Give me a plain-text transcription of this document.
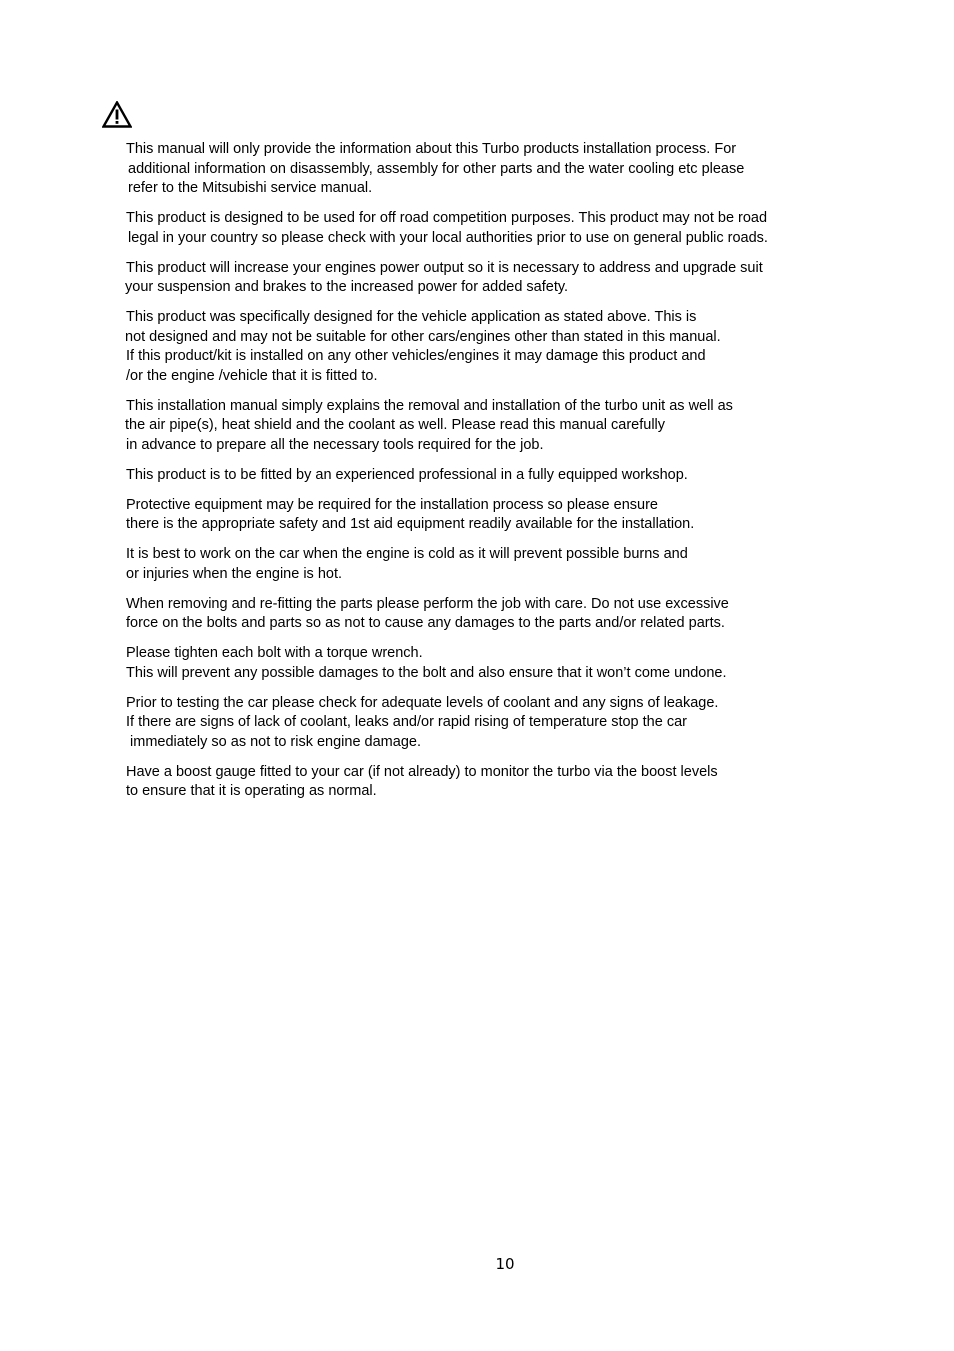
This manual will only provide the information about this Turbo products installation process. For
additional information on disassembly, assembly for other parts and the water cooling etc please
refer to the Mitsubishi service manual.

This product is designed to be used for off road competition purposes. This product may not be road
legal in your country so please check with your local authorities prior to use on general public roads.

This product will increase your engines power output so it is necessary to address and upgrade suit
your suspension and brakes to the increased power for added safety.

This product was specifically designed for the vehicle application as stated above. This is
not designed and may not be suitable for other cars/engines other than stated in this manual.
If this product/kit is installed on any other vehicles/engines it may damage this product and
/or the engine /vehicle that it is fitted to.

This installation manual simply explains the removal and installation of the turbo unit as well as
the air pipe(s), heat shield and the coolant as well. Please read this manual carefully
in advance to prepare all the necessary tools required for the job.

This product is to be fitted by an experienced professional in a fully equipped workshop.

Protective equipment may be required for the installation process so please ensure
there is the appropriate safety and 1st aid equipment readily available for the installation.

It is best to work on the car when the engine is cold as it will prevent possible burns and
or injuries when the engine is hot.

When removing and re-fitting the parts please perform the job with care. Do not use excessive
force on the bolts and parts so as not to cause any damages to the parts and/or related parts.

Please tighten each bolt with a torque wrench.
This will prevent any possible damages to the bolt and also ensure that it won’t come undone.

Prior to testing the car please check for adequate levels of coolant and any signs of leakage.
If there are signs of lack of coolant, leaks and/or rapid rising of temperature stop the car
immediately so as not to risk engine damage.

Have a boost gauge fitted to your car (if not already) to monitor the turbo via the boost levels
to ensure that it is operating as normal.

10
